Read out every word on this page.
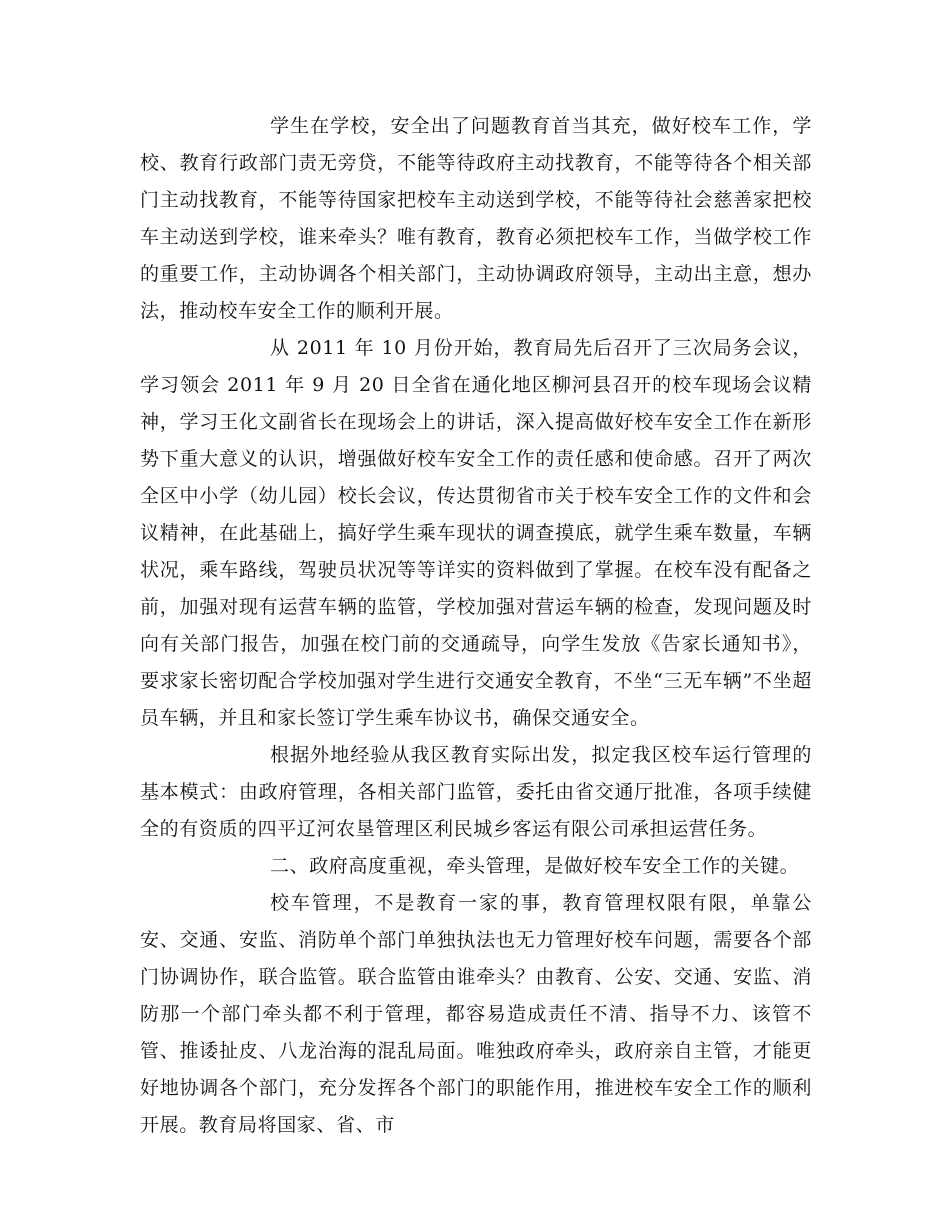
学生在学校，安全出了问题教育首当其充，做好校车工作，学校、教育行政部门责无旁贷，不能等待政府主动找教育，不能等待各个相关部门主动找教育，不能等待国家把校车主动送到学校，不能等待社会慈善家把校车主动送到学校，谁来牵头？唯有教育，教育必须把校车工作，当做学校工作的重要工作，主动协调各个相关部门，主动协调政府领导，主动出主意，想办法，推动校车安全工作的顺利开展。

从 2011 年 10 月份开始，教育局先后召开了三次局务会议，学习领会 2011 年 9 月 20 日全省在通化地区柳河县召开的校车现场会议精神，学习王化文副省长在现场会上的讲话，深入提高做好校车安全工作在新形势下重大意义的认识，增强做好校车安全工作的责任感和使命感。召开了两次全区中小学（幼儿园）校长会议，传达贯彻省市关于校车安全工作的文件和会议精神，在此基础上，搞好学生乘车现状的调查摸底，就学生乘车数量，车辆状况，乘车路线，驾驶员状况等等详实的资料做到了掌握。在校车没有配备之前，加强对现有运营车辆的监管，学校加强对营运车辆的检查，发现问题及时向有关部门报告，加强在校门前的交通疏导，向学生发放《告家长通知书》，要求家长密切配合学校加强对学生进行交通安全教育，不坐“三无车辆”不坐超员车辆，并且和家长签订学生乘车协议书，确保交通安全。

根据外地经验从我区教育实际出发，拟定我区校车运行管理的基本模式：由政府管理，各相关部门监管，委托由省交通厅批准，各项手续健全的有资质的四平辽河农垦管理区利民城乡客运有限公司承担运营任务。

二、政府高度重视，牵头管理，是做好校车安全工作的关键。

校车管理，不是教育一家的事，教育管理权限有限，单靠公安、交通、安监、消防单个部门单独执法也无力管理好校车问题，需要各个部门协调协作，联合监管。联合监管由谁牵头？由教育、公安、交通、安监、消防那一个部门牵头都不利于管理，都容易造成责任不清、指导不力、该管不管、推诿扯皮、八龙治海的混乱局面。唯独政府牵头，政府亲自主管，才能更好地协调各个部门，充分发挥各个部门的职能作用，推进校车安全工作的顺利开展。教育局将国家、省、市
